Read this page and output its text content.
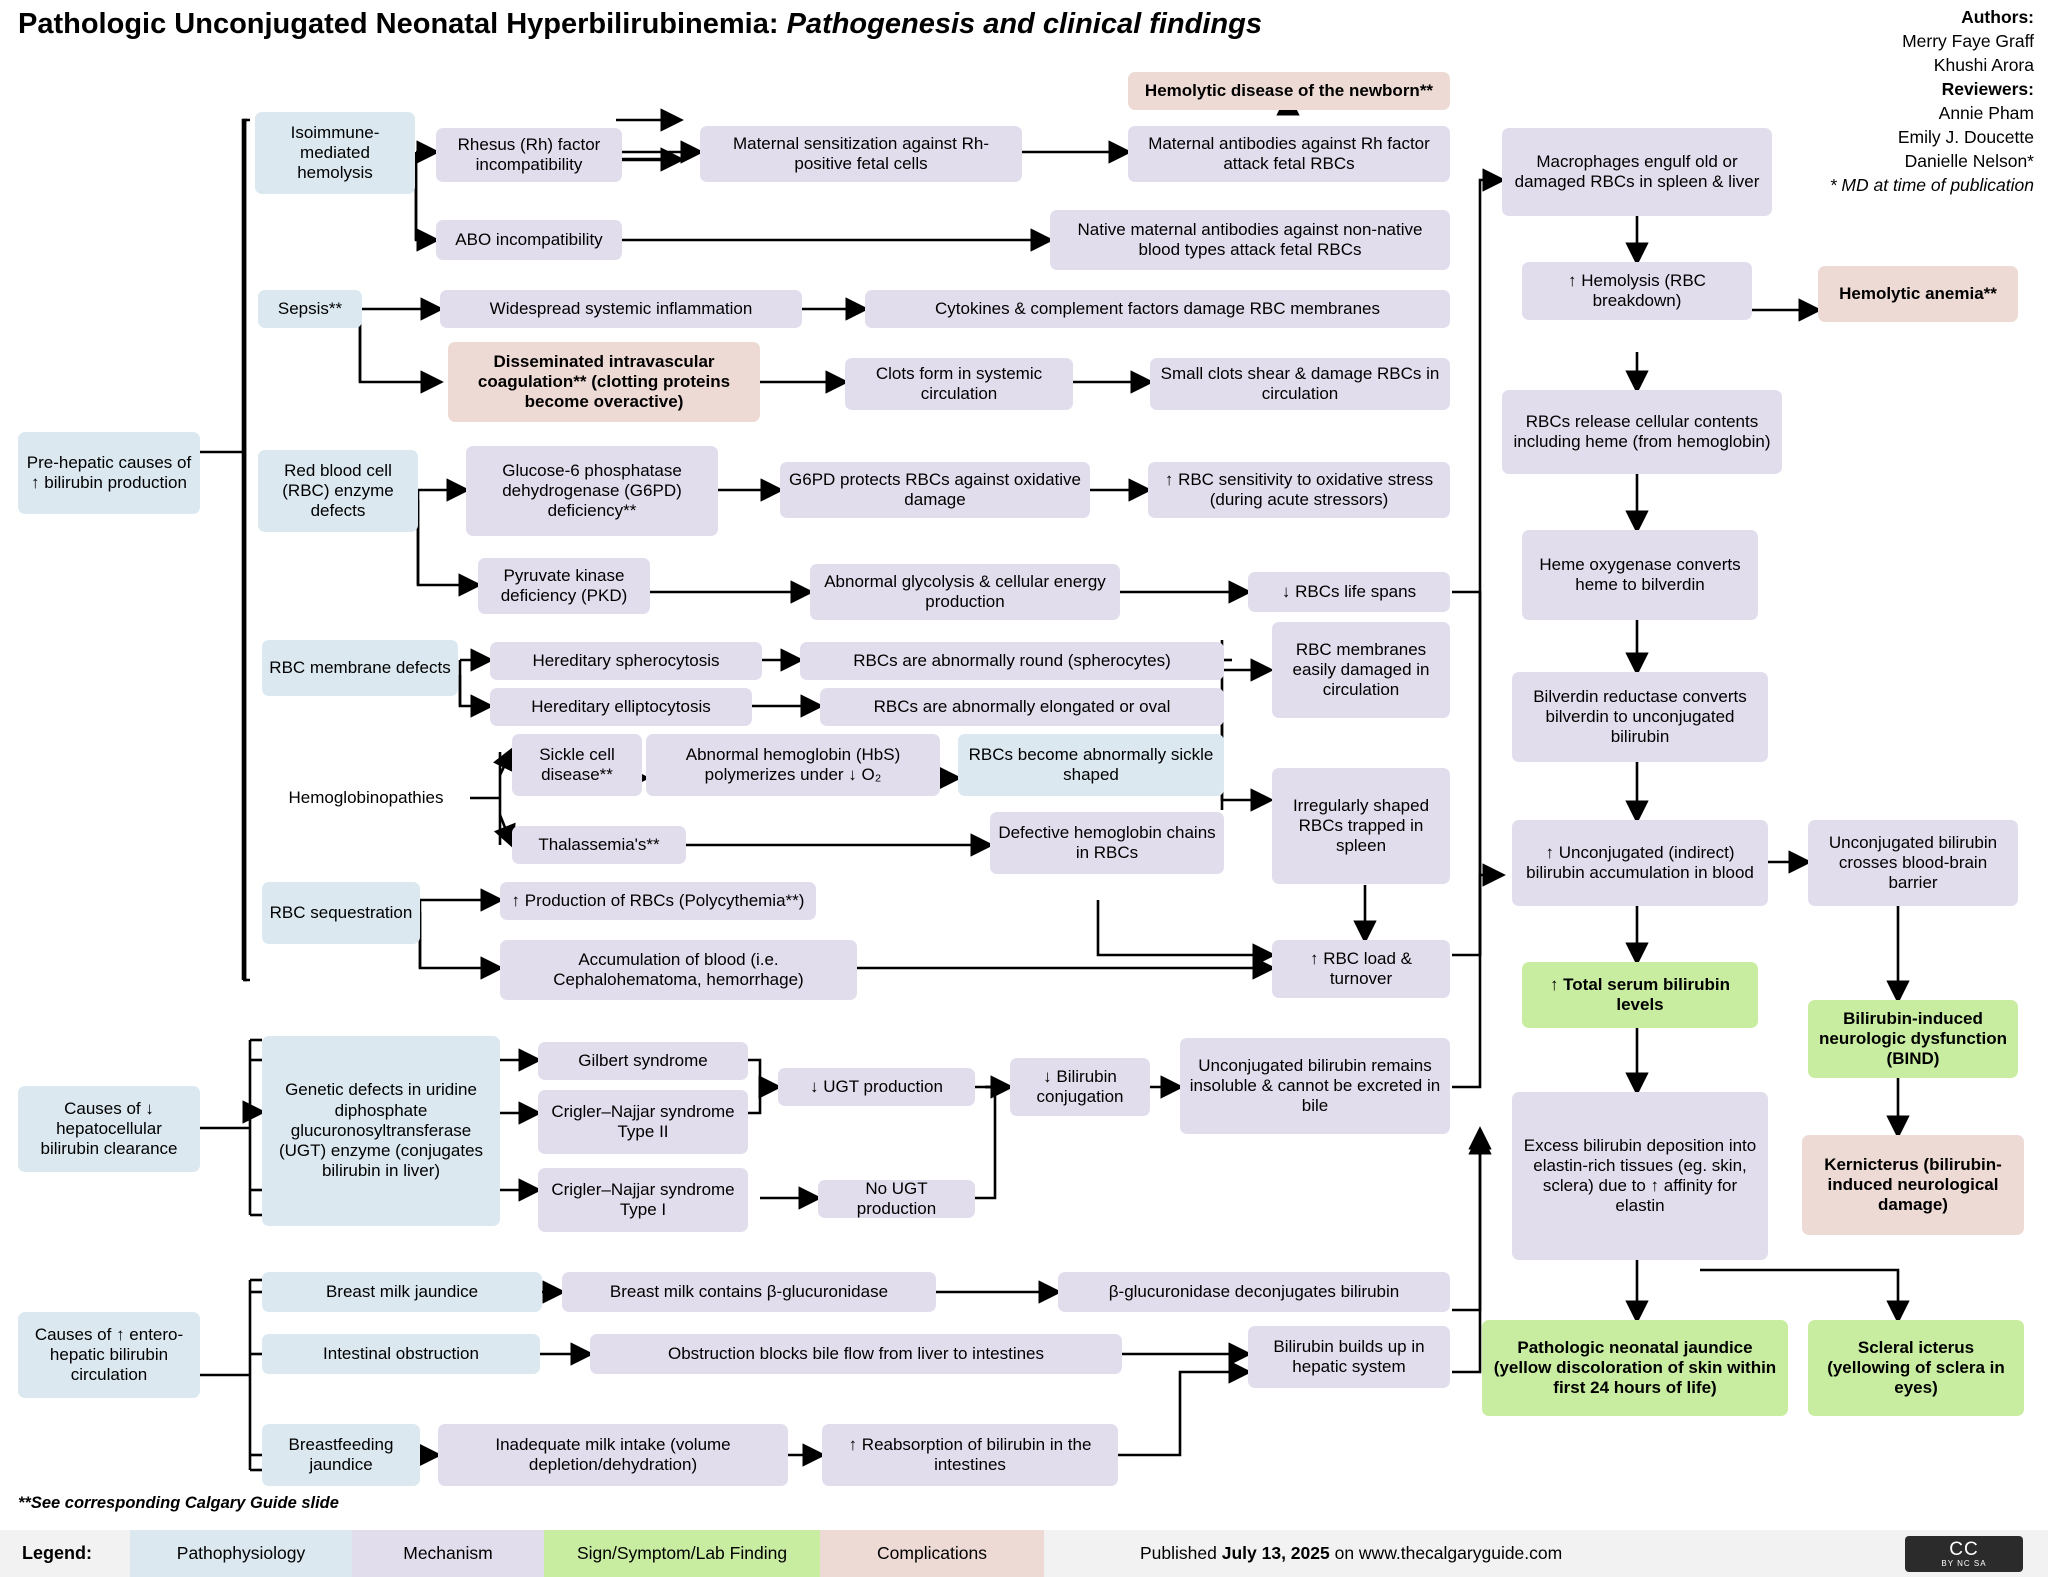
Pathologic Unconjugated Neonatal Hyperbilirubinemia: Pathogenesis and clinical findings	Authors:
Merry Faye Graff
Khushi Arora
Reviewers:
Annie Pham
Emily J. Doucette
Danielle Nelson*
* MD at time of publication
Hemolytic disease of the newborn**
Pre-hepatic causes of ↑ bilirubin production
Isoimmune-mediated hemolysis
Rhesus (Rh) factor incompatibility
Maternal sensitization against Rh-positive fetal cells
Maternal antibodies against Rh factor attack fetal RBCs
ABO incompatibility
Native maternal antibodies against non-native blood types attack fetal RBCs
Sepsis**	Widespread systemic inflammation	Cytokines & complement factors damage RBC membranes
Disseminated intravascular coagulation** (clotting proteins become overactive)
Clots form in systemic circulation
Small clots shear & damage RBCs in circulation
Red blood cell (RBC) enzyme defects
Glucose-6 phosphatase dehydrogenase (G6PD) deficiency**
G6PD protects RBCs against oxidative damage
↑ RBC sensitivity to oxidative stress (during acute stressors)
Pyruvate kinase deficiency (PKD)
Abnormal glycolysis & cellular energy production
↓ RBCs life spans
RBC membrane defects	Hereditary spherocytosis	RBCs are abnormally round (spherocytes)
Hereditary elliptocytosis	RBCs are abnormally elongated or oval
RBC membranes easily damaged in circulation
Hemoglobinopathies
Sickle cell disease**
Abnormal hemoglobin (HbS) polymerizes under ↓ O₂
RBCs become abnormally sickle shaped
Thalassemia's**
Defective hemoglobin chains in RBCs
Irregularly shaped RBCs trapped in spleen
RBC sequestration
↑ Production of RBCs (Polycythemia**)
Accumulation of blood (i.e. Cephalohematoma, hemorrhage)
↑ RBC load & turnover
Macrophages engulf old or damaged RBCs in spleen & liver
↑ Hemolysis (RBC breakdown)	Hemolytic anemia**
RBCs release cellular contents including heme (from hemoglobin)
Heme oxygenase converts heme to bilverdin
Bilverdin reductase converts bilverdin to unconjugated bilirubin
↑ Unconjugated (indirect) bilirubin accumulation in blood
Unconjugated bilirubin crosses blood-brain barrier
↑ Total serum bilirubin levels
Bilirubin-induced neurologic dysfunction (BIND)
Excess bilirubin deposition into elastin-rich tissues (eg. skin, sclera) due to ↑ affinity for elastin
Kernicterus (bilirubin-induced neurological damage)
Pathologic neonatal jaundice (yellow discoloration of skin within first 24 hours of life)
Scleral icterus (yellowing of sclera in eyes)
Causes of ↓ hepatocellular bilirubin clearance
Genetic defects in uridine diphosphate glucuronosyltransferase (UGT) enzyme (conjugates bilirubin in liver)
Gilbert syndrome
Crigler–Najjar syndrome Type II
Crigler–Najjar syndrome Type I
↓ UGT production
No UGT production
↓ Bilirubin conjugation
Unconjugated bilirubin remains insoluble & cannot be excreted in bile
Causes of ↑ entero-hepatic bilirubin circulation
Breast milk jaundice	Breast milk contains β-glucuronidase	β-glucuronidase deconjugates bilirubin
Intestinal obstruction	Obstruction blocks bile flow from liver to intestines	Bilirubin builds up in hepatic system
Breastfeeding jaundice
Inadequate milk intake (volume depletion/dehydration)
↑ Reabsorption of bilirubin in the intestines
**See corresponding Calgary Guide slide
Legend:	Pathophysiology	Mechanism	Sign/Symptom/Lab Finding	Complications	Published July 13, 2025 on www.thecalgaryguide.com	CC
BY NC SA
